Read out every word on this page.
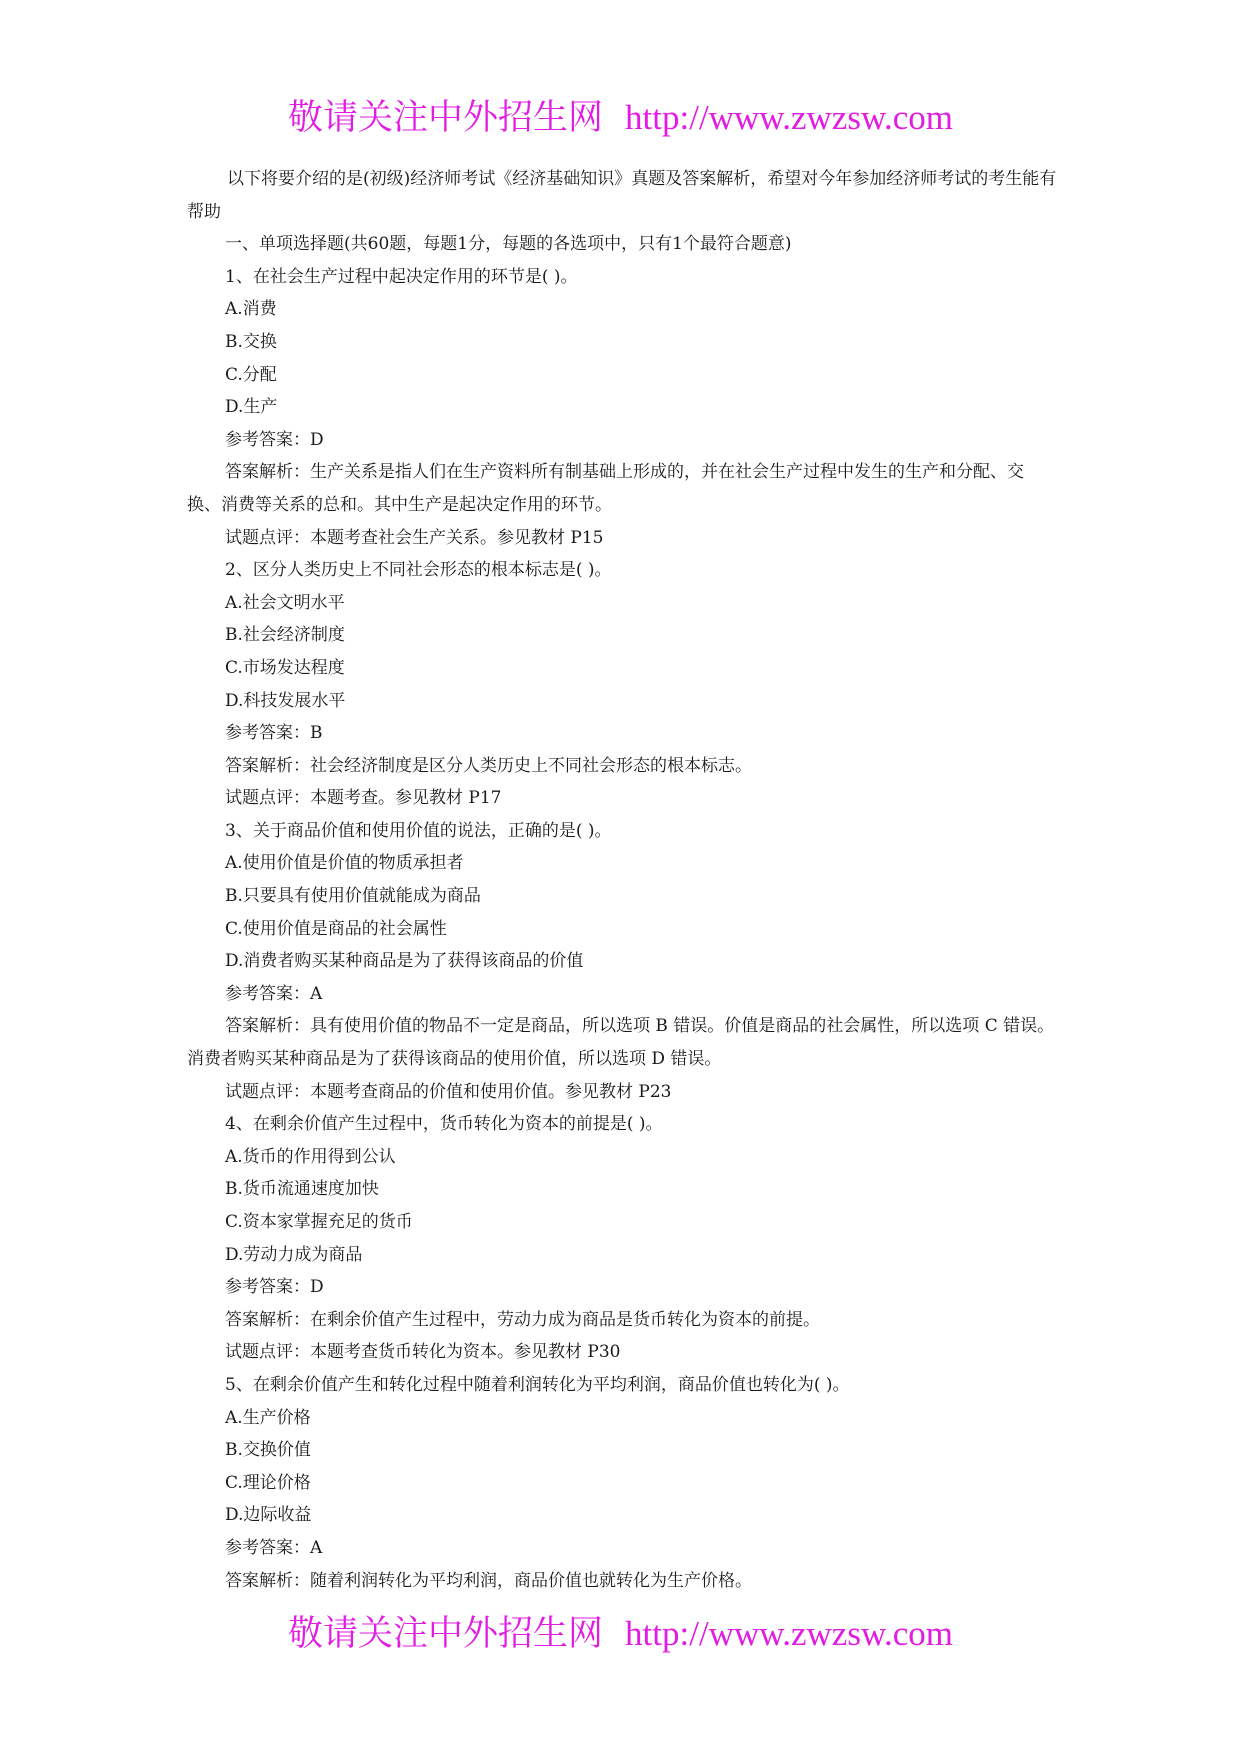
敬请关注中外招生网 http://www.zwzsw.com

以下将要介绍的是(初级)经济师考试《经济基础知识》真题及答案解析，希望对今年参加经济师考试的考生能有帮助

一、单项选择题(共60题，每题1分，每题的各选项中，只有1个最符合题意)

1、在社会生产过程中起决定作用的环节是( )。

A.消费

B.交换

C.分配

D.生产

参考答案：D

答案解析：生产关系是指人们在生产资料所有制基础上形成的，并在社会生产过程中发生的生产和分配、交换、消费等关系的总和。其中生产是起决定作用的环节。

试题点评：本题考查社会生产关系。参见教材 P15

2、区分人类历史上不同社会形态的根本标志是( )。

A.社会文明水平

B.社会经济制度

C.市场发达程度

D.科技发展水平

参考答案：B

答案解析：社会经济制度是区分人类历史上不同社会形态的根本标志。

试题点评：本题考查。参见教材 P17

3、关于商品价值和使用价值的说法，正确的是( )。

A.使用价值是价值的物质承担者

B.只要具有使用价值就能成为商品

C.使用价值是商品的社会属性

D.消费者购买某种商品是为了获得该商品的价值

参考答案：A

答案解析：具有使用价值的物品不一定是商品，所以选项 B 错误。价值是商品的社会属性，所以选项 C 错误。消费者购买某种商品是为了获得该商品的使用价值，所以选项 D 错误。

试题点评：本题考查商品的价值和使用价值。参见教材 P23

4、在剩余价值产生过程中，货币转化为资本的前提是( )。

A.货币的作用得到公认

B.货币流通速度加快

C.资本家掌握充足的货币

D.劳动力成为商品

参考答案：D

答案解析：在剩余价值产生过程中，劳动力成为商品是货币转化为资本的前提。

试题点评：本题考查货币转化为资本。参见教材 P30

5、在剩余价值产生和转化过程中随着利润转化为平均利润，商品价值也转化为( )。

A.生产价格

B.交换价值

C.理论价格

D.边际收益

参考答案：A

答案解析：随着利润转化为平均利润，商品价值也就转化为生产价格。

敬请关注中外招生网 http://www.zwzsw.com
